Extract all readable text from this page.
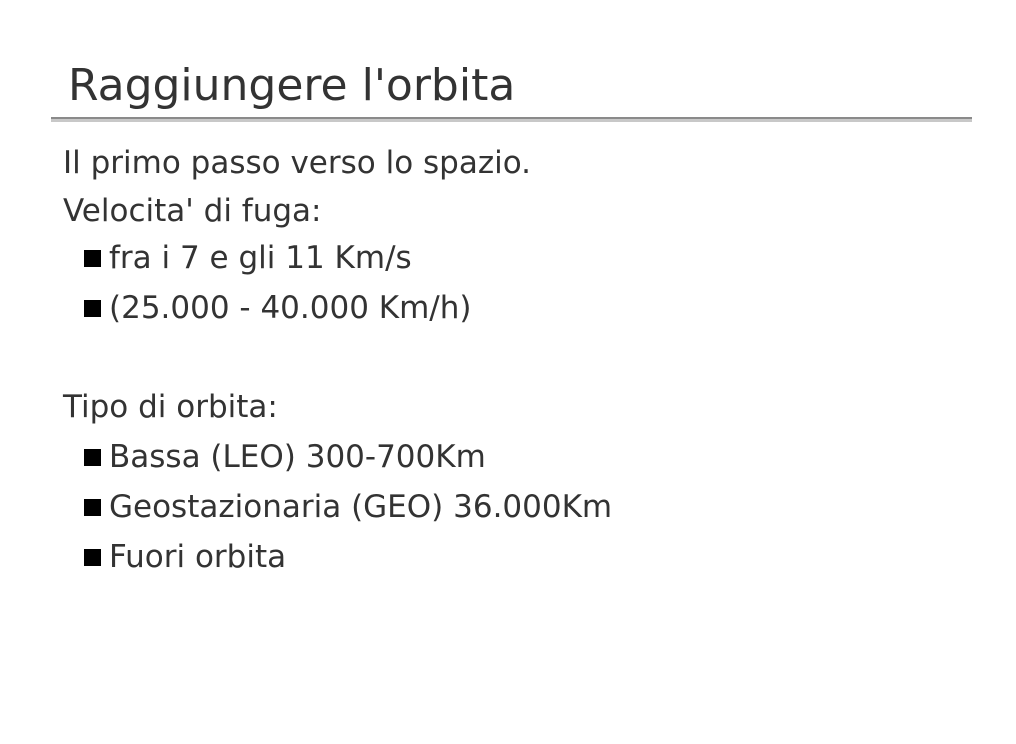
Raggiungere l'orbita
Il primo passo verso lo spazio.
Velocita' di fuga:
fra i 7 e gli 11 Km/s
(25.000 - 40.000 Km/h)
Tipo di orbita:
Bassa (LEO) 300-700Km
Geostazionaria (GEO) 36.000Km
Fuori orbita
